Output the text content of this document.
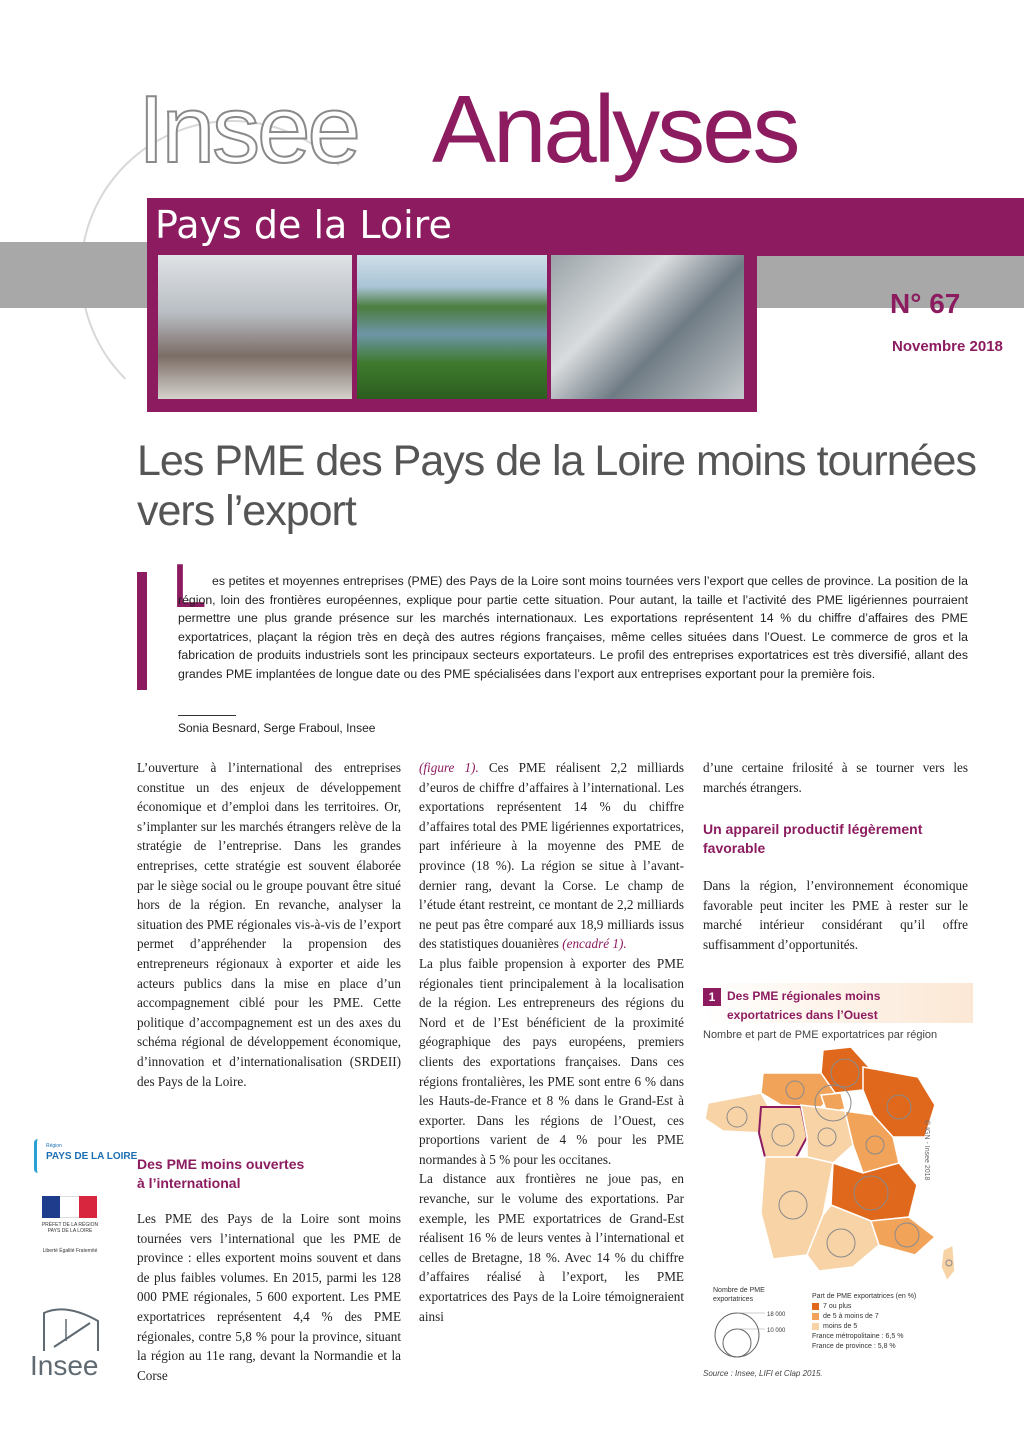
Insee Analyses
Pays de la Loire
N° 67
Novembre 2018
Les PME des Pays de la Loire moins tournées vers l’export
L es petites et moyennes entreprises (PME) des Pays de la Loire sont moins tournées vers l’export que celles de province. La position de la région, loin des frontières européennes, explique pour partie cette situation. Pour autant, la taille et l’activité des PME ligériennes pourraient permettre une plus grande présence sur les marchés internationaux. Les exportations représentent 14 % du chiffre d’affaires des PME exportatrices, plaçant la région très en deçà des autres régions françaises, même celles situées dans l’Ouest. Le commerce de gros et la fabrication de produits industriels sont les principaux secteurs exportateurs. Le profil des entreprises exportatrices est très diversifié, allant des grandes PME implantées de longue date ou des PME spécialisées dans l’export aux entreprises exportant pour la première fois.
Sonia Besnard, Serge Fraboul, Insee
L’ouverture à l’international des entreprises constitue un des enjeux de développement économique et d’emploi dans les territoires. Or, s’implanter sur les marchés étrangers relève de la stratégie de l’entreprise. Dans les grandes entreprises, cette stratégie est souvent élaborée par le siège social ou le groupe pouvant être situé hors de la région. En revanche, analyser la situation des PME régionales vis-à-vis de l’export permet d’appréhender la propension des entrepreneurs régionaux à exporter et aide les acteurs publics dans la mise en place d’un accompagnement ciblé pour les PME. Cette politique d’accompagnement est un des axes du schéma régional de développement économique, d’innovation et d’internationalisation (SRDEII) des Pays de la Loire.
Des PME moins ouvertes
à l’international
Les PME des Pays de la Loire sont moins tournées vers l’international que les PME de province : elles exportent moins souvent et dans de plus faibles volumes. En 2015, parmi les 128 000 PME régionales, 5 600 exportent. Les PME exportatrices représentent 4,4 % des PME régionales, contre 5,8 % pour la province, situant la région au 11e rang, devant la Normandie et la Corse
(figure 1). Ces PME réalisent 2,2 milliards d’euros de chiffre d’affaires à l’international. Les exportations représentent 14 % du chiffre d’affaires total des PME ligériennes exportatrices, part inférieure à la moyenne des PME de province (18 %). La région se situe à l’avant-dernier rang, devant la Corse. Le champ de l’étude étant restreint, ce montant de 2,2 milliards ne peut pas être comparé aux 18,9 milliards issus des statistiques douanières (encadré 1).
La plus faible propension à exporter des PME régionales tient principalement à la localisation de la région. Les entrepreneurs des régions du Nord et de l’Est bénéficient de la proximité géographique des pays européens, premiers clients des exportations françaises. Dans ces régions frontalières, les PME sont entre 6 % dans les Hauts-de-France et 8 % dans le Grand-Est à exporter. Dans les régions de l’Ouest, ces proportions varient de 4 % pour les PME normandes à 5 % pour les occitanes.
La distance aux frontières ne joue pas, en revanche, sur le volume des exportations. Par exemple, les PME exportatrices de Grand-Est réalisent 16 % de leurs ventes à l’international et celles de Bretagne, 18 %. Avec 14 % du chiffre d’affaires réalisé à l’export, les PME exportatrices des Pays de la Loire témoigneraient ainsi
d’une certaine frilosité à se tourner vers les marchés étrangers.
Un appareil productif légèrement
favorable
Dans la région, l’environnement économique favorable peut inciter les PME à rester sur le marché intérieur considérant qu’il offre suffisamment d’opportunités.
1 Des PME régionales moins
exportatrices dans l’Ouest
Nombre et part de PME exportatrices par région
© IGN - Insee 2018
Nombre de PME exportatrices
18 000
10 000
Part de PME exportatrices (en %)
7 ou plus
de 5 à moins de 7
moins de 5
France métropolitaine : 6,5 %
France de province : 5,8 %
Source : Insee, LIFI et Clap 2015.
Région
PAYS DE LA LOIRE
PRÉFET DE LA RÉGION PAYS DE LA LOIRE
Liberté Égalité Fraternité
Insee
